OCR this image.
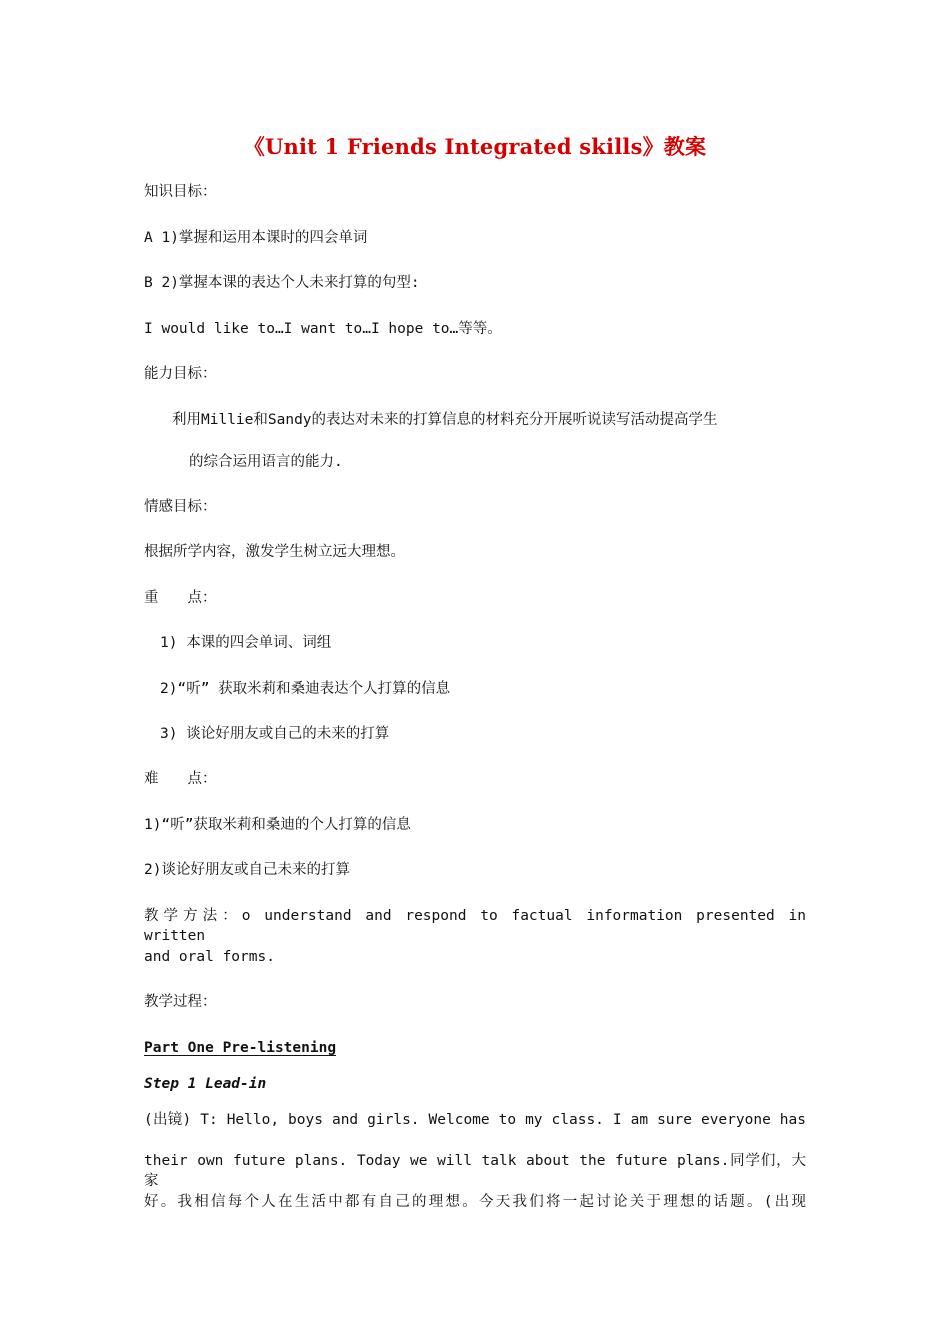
《Unit 1 Friends Integrated skills》教案
知识目标：
A 1)掌握和运用本课时的四会单词
B 2)掌握本课的表达个人未来打算的句型:
I would like to…I want to…I hope to…等等。
能力目标：
利用Millie和Sandy的表达对未来的打算信息的材料充分开展听说读写活动提高学生
的综合运用语言的能力.
情感目标：
根据所学内容，激发学生树立远大理想。
重　　点：
1) 本课的四会单词、词组
2)“听” 获取米莉和桑迪表达个人打算的信息
3) 谈论好朋友或自己的未来的打算
难　　点：
1)“听”获取米莉和桑迪的个人打算的信息
2)谈论好朋友或自己未来的打算
教学方法：o understand and respond to factual information presented in written
and oral forms.
教学过程：
Part One Pre-listening
Step 1 Lead-in
(出镜) T: Hello, boys and girls. Welcome to my class. I am sure everyone has
their own future plans. Today we will talk about the future plans.同学们，大家
好。我相信每个人在生活中都有自己的理想。今天我们将一起讨论关于理想的话题。(出现
